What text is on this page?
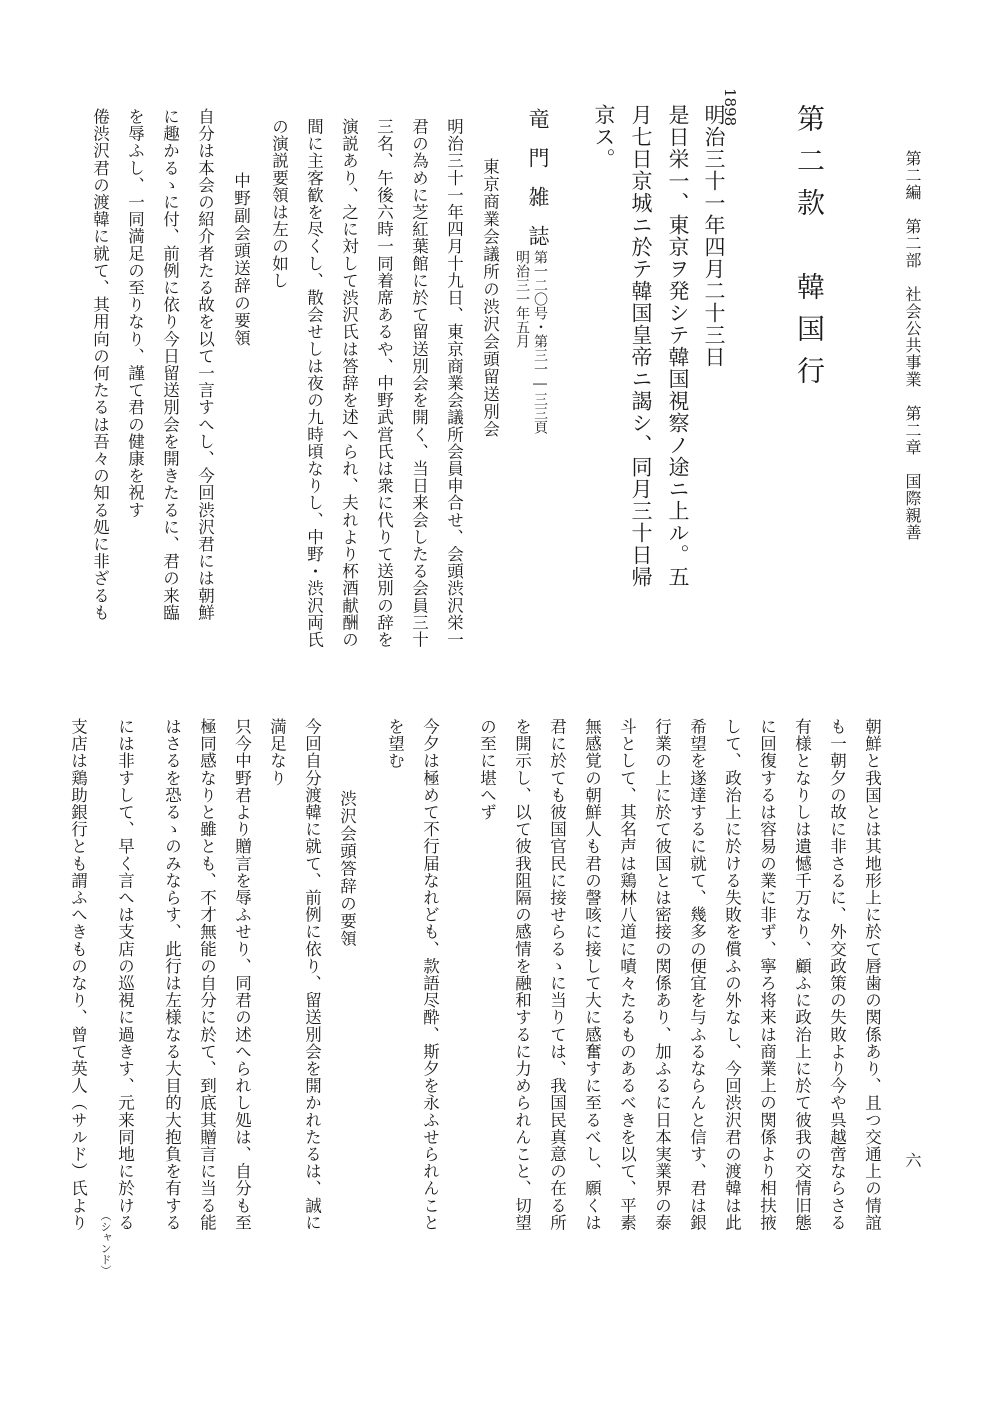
第二編　第二部　社会公共事業　第二章　国際親善
六
第二款　韓国行
1898
明治三十一年四月二十三日
是日栄一、東京ヲ発シテ韓国視察ノ途ニ上ル。五
月七日京城ニ於テ韓国皇帝ニ謁シ、同月三十日帰
京ス。
竜門雑誌
第一二〇号・第三一―三三頁
明治三一年五月
東京商業会議所の渋沢会頭留送別会
明治三十一年四月十九日、東京商業会議所会員申合せ、会頭渋沢栄一
君の為めに芝紅葉館に於て留送別会を開く、当日来会したる会員三十
三名、午後六時一同着席あるや、中野武営氏は衆に代りて送別の辞を
演説あり、之に対して渋沢氏は答辞を述へられ、夫れより杯酒献酬の
間に主客歓を尽くし、散会せしは夜の九時頃なりし、中野・渋沢両氏
の演説要領は左の如し
中野副会頭送辞の要領
自分は本会の紹介者たる故を以て一言すへし、今回渋沢君には朝鮮
に趣かるゝに付、前例に依り今日留送別会を開きたるに、君の来臨
を辱ふし、一同満足の至りなり、謹て君の健康を祝す
倦渋沢君の渡韓に就て、其用向の何たるは吾々の知る処に非ざるも
朝鮮と我国とは其地形上に於て唇歯の関係あり、且つ交通上の情誼
も一朝夕の故に非さるに、外交政策の失敗より今や呉越啻ならさる
有様となりしは遺憾千万なり、顧ふに政治上に於て彼我の交情旧態
に回復するは容易の業に非ず、寧ろ将来は商業上の関係より相扶掖
して、政治上に於ける失敗を償ふの外なし、今回渋沢君の渡韓は此
希望を遂達するに就て、幾多の便宜を与ふるならんと信す、君は銀
行業の上に於て彼国とは密接の関係あり、加ふるに日本実業界の泰
斗として、其名声は鶏林八道に嘖々たるものあるべきを以て、平素
無感覚の朝鮮人も君の謦咳に接して大に感奮すに至るべし、願くは
君に於ても彼国官民に接せらるゝに当りては、我国民真意の在る所
を開示し、以て彼我阻隔の感情を融和するに力められんこと、切望
の至に堪へず
今夕は極めて不行届なれども、款語尽酔、斯夕を永ふせられんこと
を望む
渋沢会頭答辞の要領
今回自分渡韓に就て、前例に依り、留送別会を開かれたるは、誠に
満足なり
只今中野君より贈言を辱ふせり、同君の述へられし処は、自分も至
極同感なりと雖とも、不才無能の自分に於て、到底其贈言に当る能
はさるを恐るゝのみならす、此行は左様なる大目的大抱負を有する
には非すして、早く言へは支店の巡視に過きす、元来同地に於ける
（シャンド）
支店は鶏助銀行とも謂ふへきものなり、曾て英人（サルド）氏より
